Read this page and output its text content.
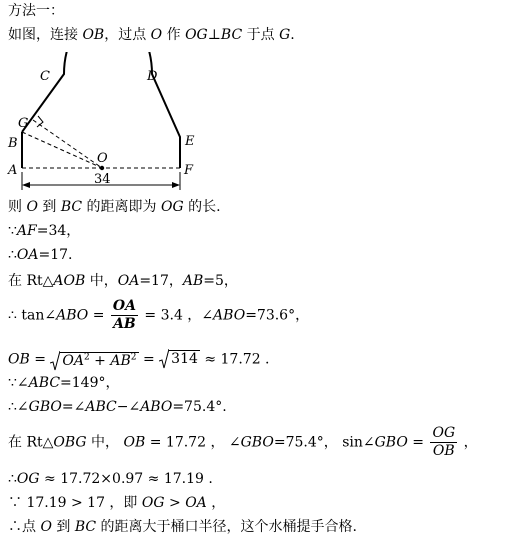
方法一：
如图，连接 OB，过点 O 作 OG⊥BC 于点 G.
C	D
G
B	E
O
A	F
34
则 O 到 BC 的距离即为 OG 的长.
∵AF=34，
∴OA=17.
在 Rt△AOB 中，OA=17，AB=5，
∴ tan∠ABO = $\frac{OA}{AB} = 3.4$ ，∠ABO=73.6°，
OB = $OA^2 + AB^2 = 314 \approx 17.72$ .
∵∠ABC=149°，
∴∠GBO=∠ABC−∠ABO=75.4°.
在 Rt△OBG 中， OB = 17.72 ， ∠GBO=75.4°， sin∠GBO = $\frac{OG}{OB}$ ，
∴OG ≈ 17.72×0.97 ≈ 17.19 .
∵ 17.19 > 17 ，即 OG > OA ，
∴点 O 到 BC 的距离大于桶口半径，这个水桶提手合格.
